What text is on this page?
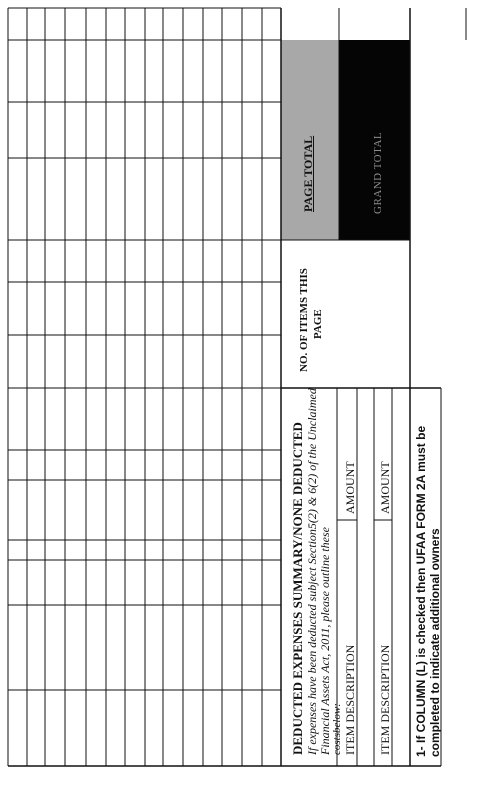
DEDUCTED EXPENSES SUMMARY/NONE DEDUCTED If expenses have been deducted subject Section5(2) & 6(2) of the Unclaimed Financial Assets Act, 2011, please outline these costsbelow: ITEM DESCRIPTION
AMOUNT
ITEM DESCRIPTION
AMOUNT
NO. OF ITEMS THIS PAGE
PAGE TOTAL	GRAND TOTAL
1- If COLUMN (L) is checked then UFAA FORM 2A must be completed to indicate additional owners
